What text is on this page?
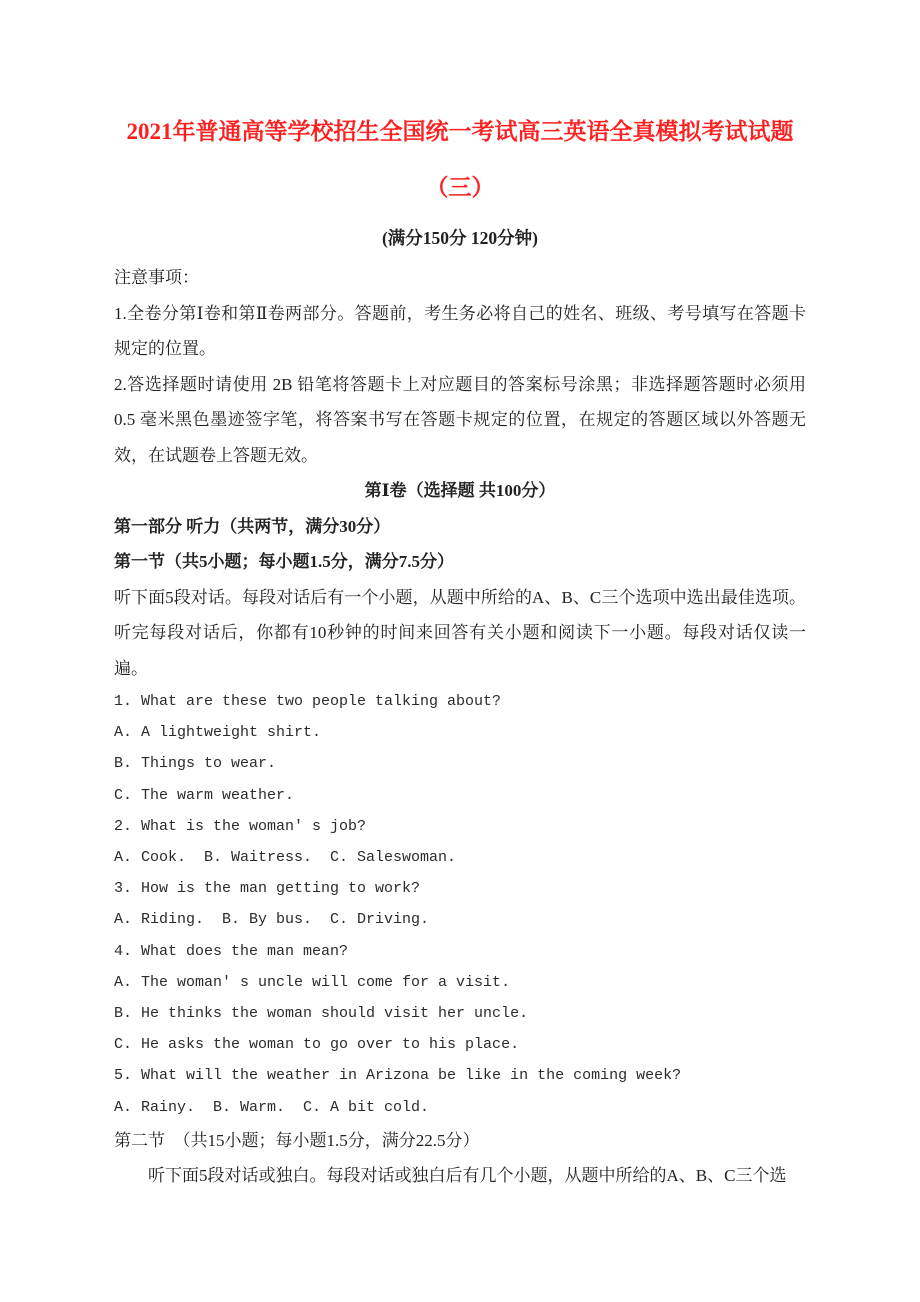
2021年普通高等学校招生全国统一考试高三英语全真模拟考试试题
（三）
(满分150分 120分钟)

注意事项：

1.全卷分第Ⅰ卷和第Ⅱ卷两部分。答题前，考生务必将自己的姓名、班级、考号填写在答题卡规定的位置。

2.答选择题时请使用 2B 铅笔将答题卡上对应题目的答案标号涂黑；非选择题答题时必须用 0.5 毫米黑色墨迹签字笔，将答案书写在答题卡规定的位置，在规定的答题区域以外答题无效，在试题卷上答题无效。

第Ⅰ卷（选择题 共100分）

第一部分 听力（共两节，满分30分）

第一节（共5小题；每小题1.5分，满分7.5分）

听下面5段对话。每段对话后有一个小题，从题中所给的A、B、C三个选项中选出最佳选项。听完每段对话后，你都有10秒钟的时间来回答有关小题和阅读下一小题。每段对话仅读一遍。

1. What are these two people talking about?

A. A lightweight shirt.

B. Things to wear.

C. The warm weather.

2. What is the woman' s job?

A. Cook.  B. Waitress.  C. Saleswoman.

3. How is the man getting to work?

A. Riding.  B. By bus.  C. Driving.

4. What does the man mean?

A. The woman' s uncle will come for a visit.

B. He thinks the woman should visit her uncle.

C. He asks the woman to go over to his place.

5. What will the weather in Arizona be like in the coming week?

A. Rainy.  B. Warm.  C. A bit cold.

第二节  （共15小题；每小题1.5分，满分22.5分）

听下面5段对话或独白。每段对话或独白后有几个小题，从题中所给的A、B、C三个选
